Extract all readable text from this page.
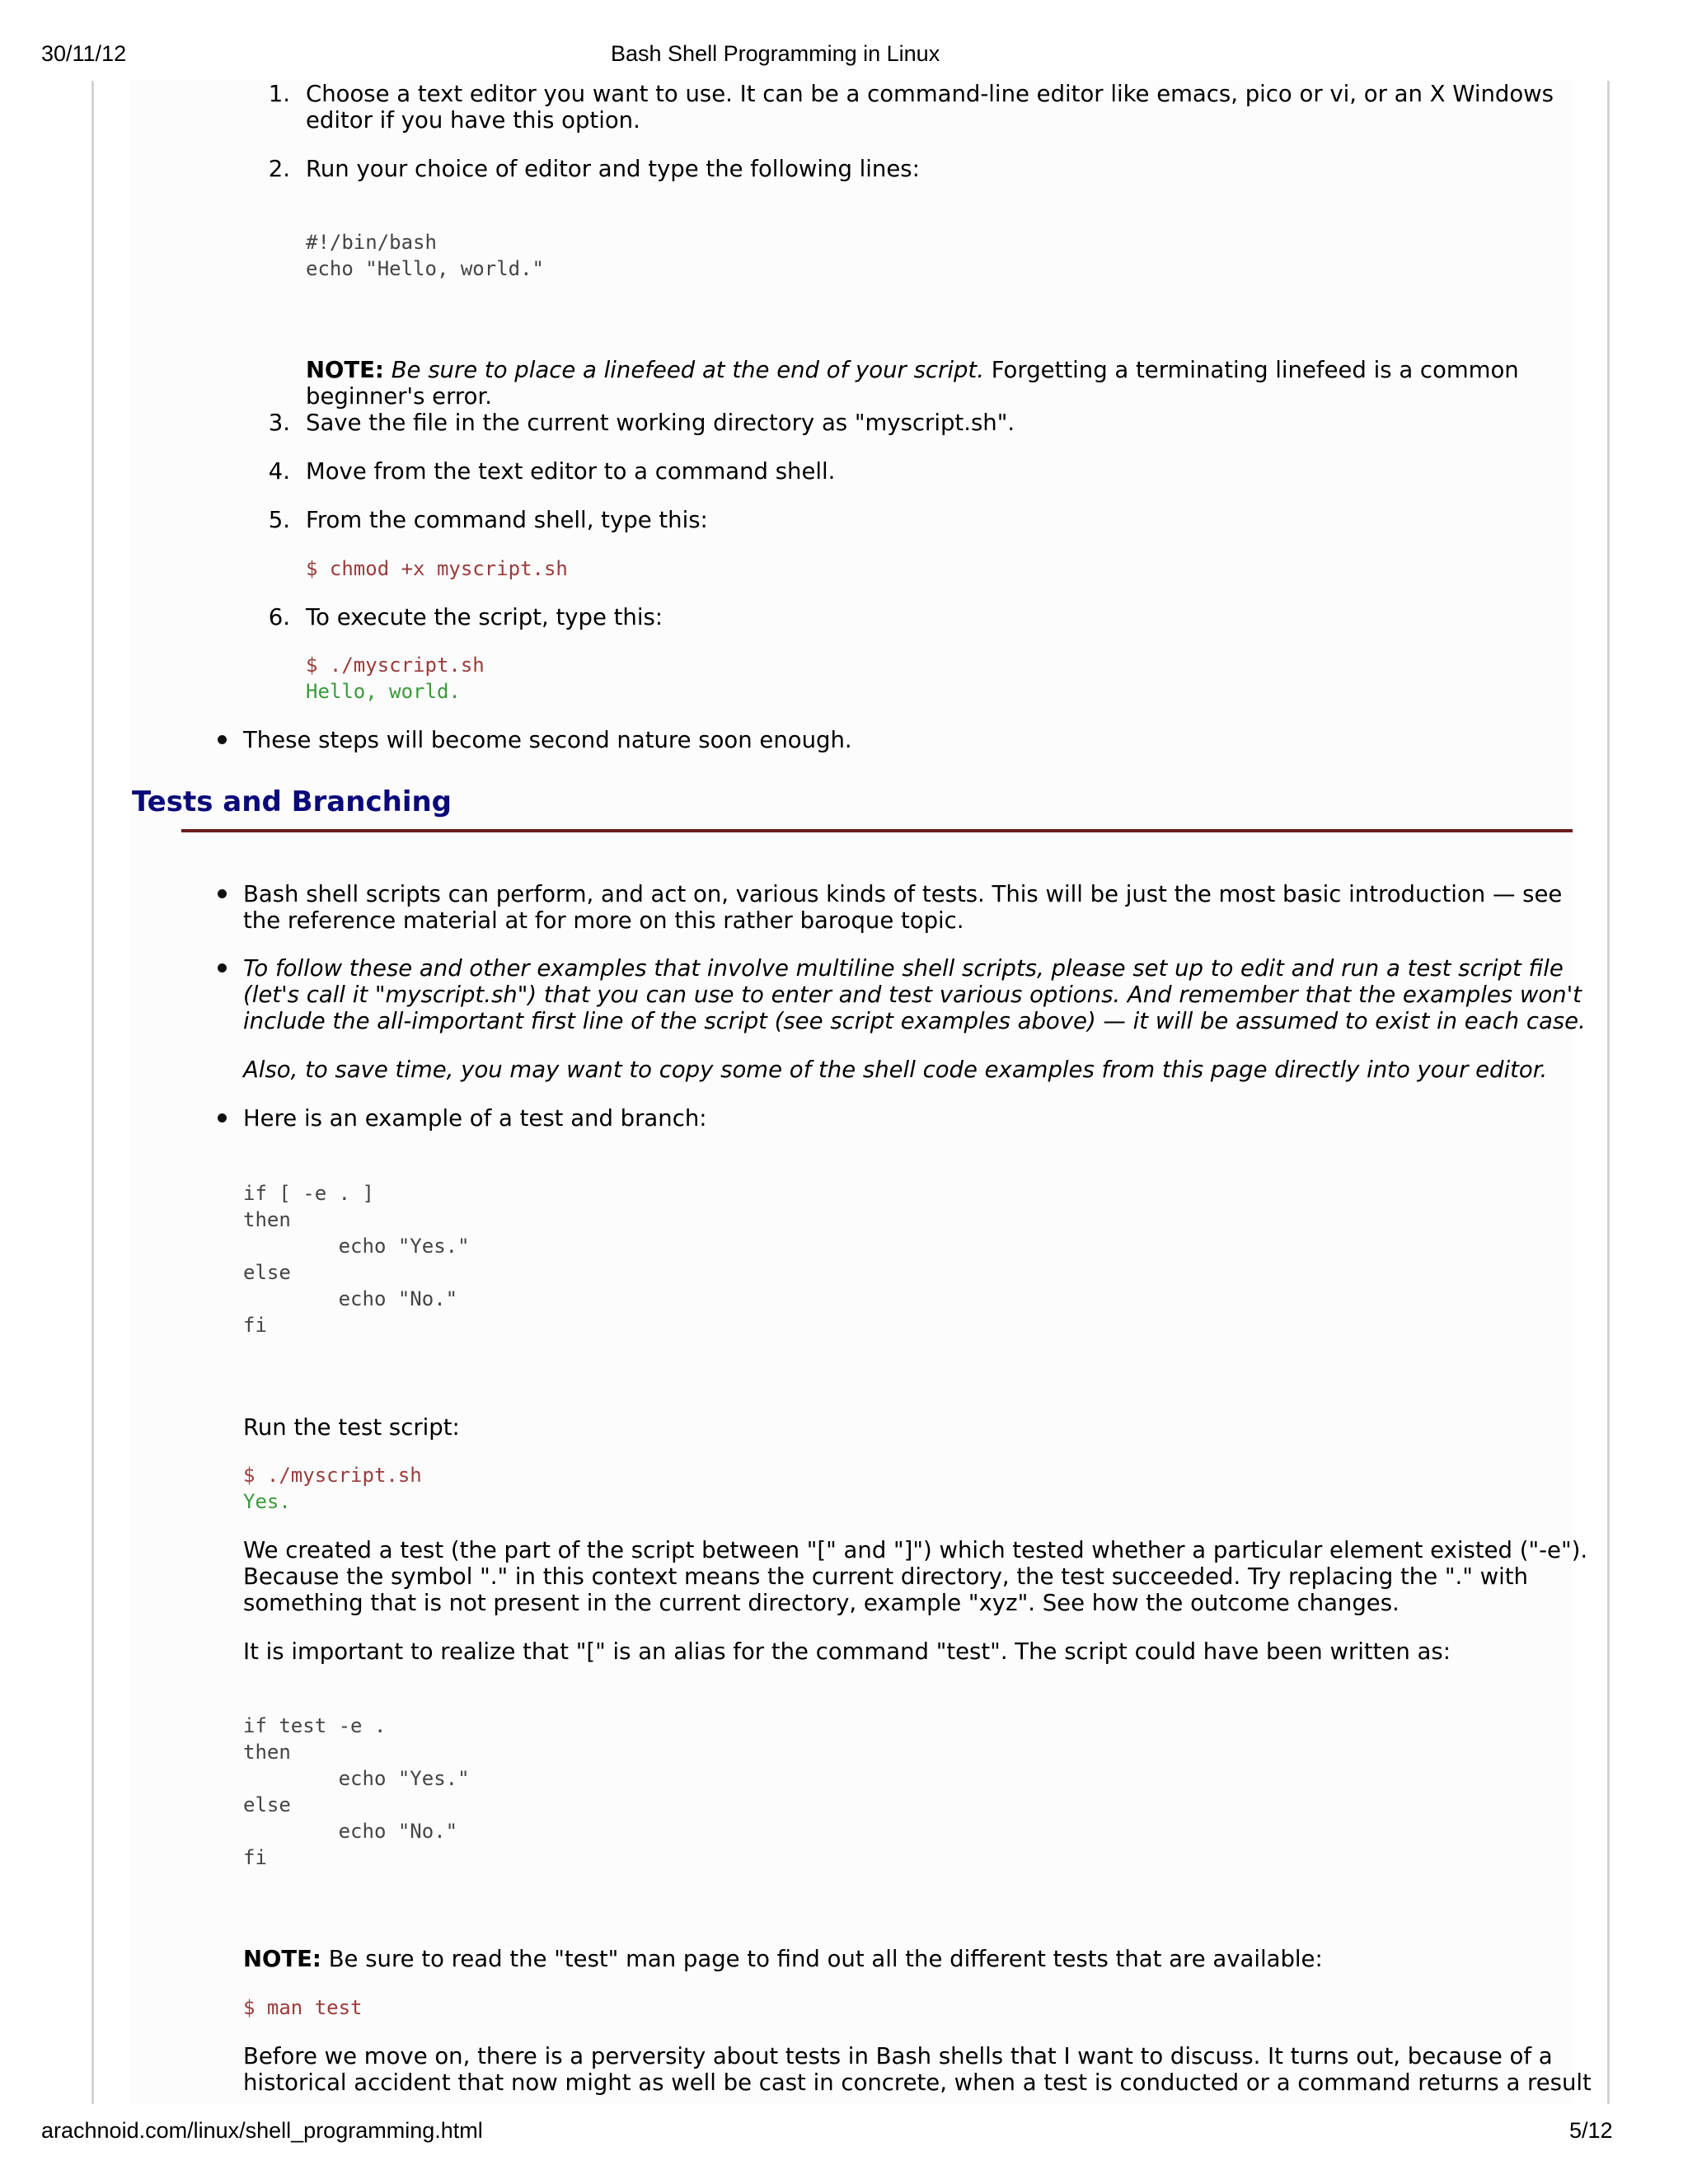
30/11/12	Bash Shell Programming in Linux
1. Choose a text editor you want to use. It can be a command-line editor like emacs, pico or vi, or an X Windows
editor if you have this option.
2. Run your choice of editor and type the following lines:
#!/bin/bash
echo "Hello, world."
NOTE: Be sure to place a linefeed at the end of your script. Forgetting a terminating linefeed is a common
beginner's error.
3. Save the file in the current working directory as "myscript.sh".
4. Move from the text editor to a command shell.
5. From the command shell, type this:
$ chmod +x myscript.sh
6. To execute the script, type this:
$ ./myscript.sh
Hello, world.
These steps will become second nature soon enough.
Tests and Branching
Bash shell scripts can perform, and act on, various kinds of tests. This will be just the most basic introduction — see
the reference material at for more on this rather baroque topic.
To follow these and other examples that involve multiline shell scripts, please set up to edit and run a test script file
(let's call it "myscript.sh") that you can use to enter and test various options. And remember that the examples won't
include the all-important first line of the script (see script examples above) — it will be assumed to exist in each case.
Also, to save time, you may want to copy some of the shell code examples from this page directly into your editor.
Here is an example of a test and branch:
if [ -e . ]
then
echo "Yes."
else
echo "No."
fi
Run the test script:
$ ./myscript.sh
Yes.
We created a test (the part of the script between "[" and "]") which tested whether a particular element existed ("-e").
Because the symbol "." in this context means the current directory, the test succeeded. Try replacing the "." with
something that is not present in the current directory, example "xyz". See how the outcome changes.
It is important to realize that "[" is an alias for the command "test". The script could have been written as:
if test -e .
then
echo "Yes."
else
echo "No."
fi
NOTE: Be sure to read the "test" man page to find out all the different tests that are available:
$ man test
Before we move on, there is a perversity about tests in Bash shells that I want to discuss. It turns out, because of a
historical accident that now might as well be cast in concrete, when a test is conducted or a command returns a result
arachnoid.com/linux/shell_programming.html	5/12
